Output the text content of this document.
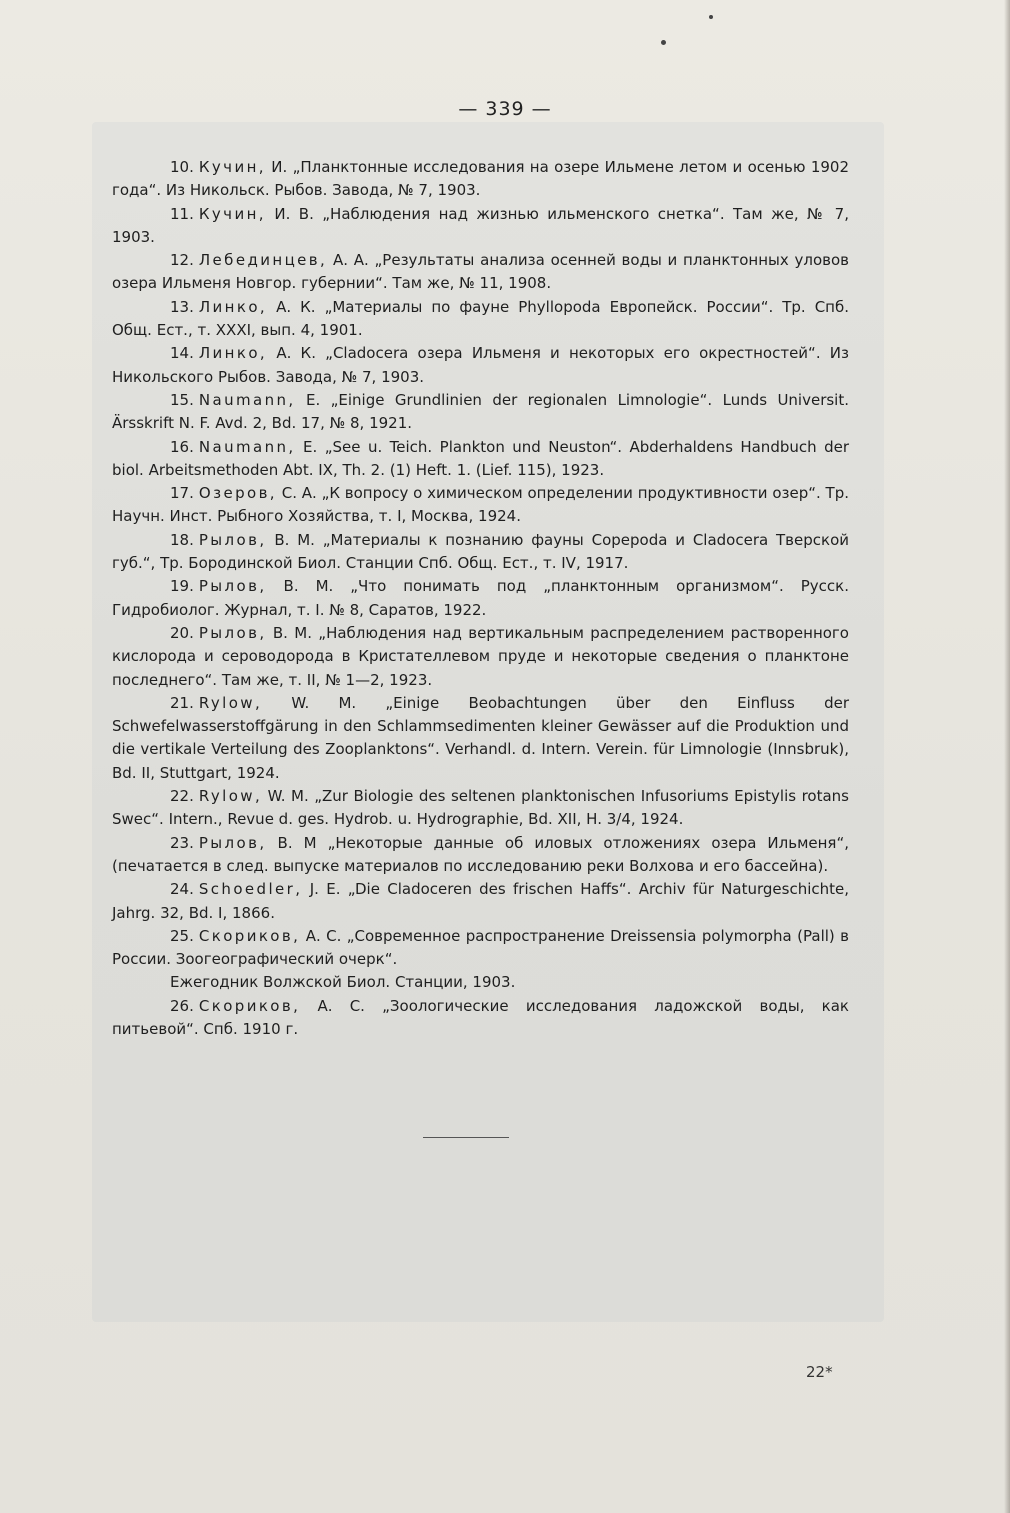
— 339 —

10. Кучин, И. „Планктонные исследования на озере Ильмене летом и осенью 1902 года“. Из Никольск. Рыбов. Завода, № 7, 1903.

11. Кучин, И. В. „Наблюдения над жизнью ильменского снетка“. Там же, № 7, 1903.

12. Лебединцев, А. А. „Результаты анализа осенней воды и планктонных уловов озера Ильменя Новгор. губернии“. Там же, № 11, 1908.

13. Линко, А. К. „Материалы по фауне Phyllopoda Европейск. России“. Тр. Спб. Общ. Ест., т. XXXI, вып. 4, 1901.

14. Линко, А. К. „Cladocera озера Ильменя и некоторых его окрестностей“. Из Никольского Рыбов. Завода, № 7, 1903.

15. Naumann, E. „Einige Grundlinien der regionalen Limnologie“. Lunds Universit. Ärsskrift N. F. Avd. 2, Bd. 17, № 8, 1921.

16. Naumann, E. „See u. Teich. Plankton und Neuston“. Abderhaldens Handbuch der biol. Arbeitsmethoden Abt. IX, Th. 2. (1) Heft. 1. (Lief. 115), 1923.

17. Озеров, С. А. „К вопросу о химическом определении продуктивности озер“. Тр. Научн. Инст. Рыбного Хозяйства, т. I, Москва, 1924.

18. Рылов, В. М. „Материалы к познанию фауны Copepoda и Cladocera Тверской губ.“, Тр. Бородинской Биол. Станции Спб. Общ. Ест., т. IV, 1917.

19. Рылов, В. М. „Что понимать под „планктонным организмом“. Русск. Гидробиолог. Журнал, т. I. № 8, Саратов, 1922.

20. Рылов, В. М. „Наблюдения над вертикальным распределением растворенного кислорода и сероводорода в Кристателлевом пруде и некоторые сведения о планктоне последнего“. Там же, т. II, № 1—2, 1923.

21. Rylow, W. M. „Einige Beobachtungen über den Einfluss der Schwefelwasserstoffgärung in den Schlammsedimenten kleiner Gewässer auf die Produktion und die vertikale Verteilung des Zooplanktons“. Verhandl. d. Intern. Verein. für Limnologie (Innsbruk), Bd. II, Stuttgart, 1924.

22. Rylow, W. M. „Zur Biologie des seltenen planktonischen Infusoriums Epistylis rotans Swec“. Intern., Revue d. ges. Hydrob. u. Hydrographie, Bd. XII, H. 3/4, 1924.

23. Рылов, В. М „Некоторые данные об иловых отложениях озера Ильменя“, (печатается в след. выпуске материалов по исследованию реки Волхова и его бассейна).

24. Schoedler, J. E. „Die Cladoceren des frischen Haffs“. Archiv für Naturgeschichte, Jahrg. 32, Bd. I, 1866.

25. Скориков, А. С. „Современное распространение Dreissensia polymorpha (Pall) в России. Зоогеографический очерк“.

Ежегодник Волжской Биол. Станции, 1903.

26. Скориков, А. С. „Зоологические исследования ладожской воды, как питьевой“. Спб. 1910 г.

22*
